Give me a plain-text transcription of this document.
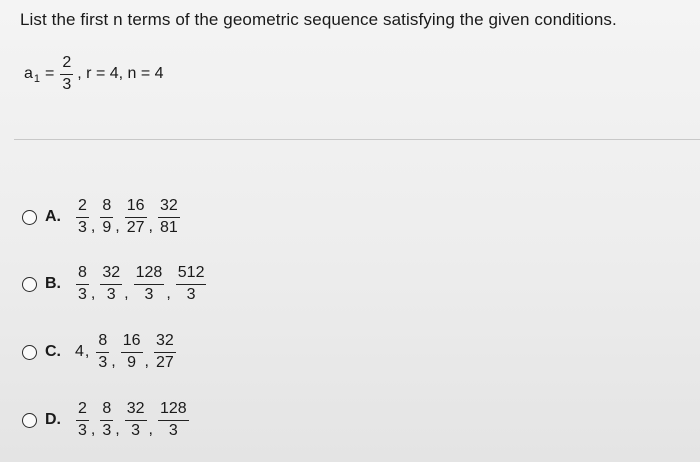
List the first n terms of the geometric sequence satisfying the given conditions.
a $1 = \frac{2}{3}$ , r = 4, n = 4
A. $\frac{2}{3}$ , $\frac{8}{9}$ , $\frac{16}{27}$ , $\frac{32}{81}$
B. $\frac{8}{3}$ , $\frac{32}{3}$ , $\frac{128}{3}$ , $\frac{512}{3}$
C. 4 , $\frac{8}{3}$ , $\frac{16}{9}$ , $\frac{32}{27}$
D. $\frac{2}{3}$ , $\frac{8}{3}$ , $\frac{32}{3}$ , $\frac{128}{3}$
